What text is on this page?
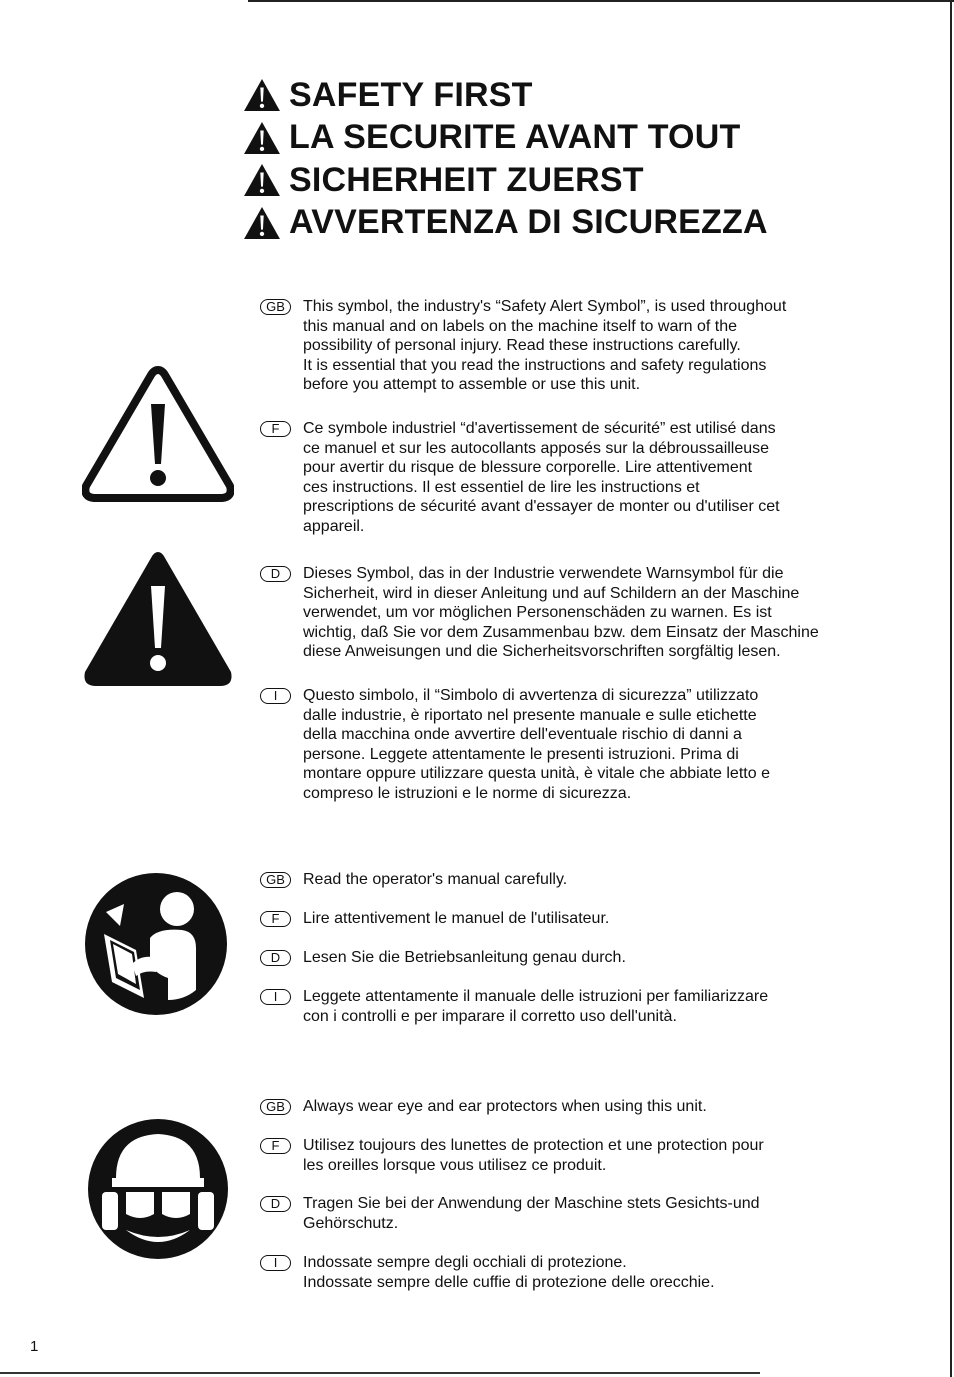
SAFETY FIRST
LA SECURITE AVANT TOUT
SICHERHEIT ZUERST
AVVERTENZA DI SICUREZZA
GB	This symbol, the industry's “Safety Alert Symbol”, is used throughout
this manual and on labels on the machine itself to warn of the
possibility of personal injury. Read these instructions carefully.
It is essential that you read the instructions and safety regulations
before you attempt to assemble or use this unit.
F	Ce symbole industriel “d'avertissement de sécurité” est utilisé dans
ce manuel et sur les autocollants apposés sur la débroussailleuse
pour avertir du risque de blessure corporelle. Lire attentivement
ces instructions. Il est essentiel de lire les instructions et
prescriptions de sécurité avant d'essayer de monter ou d'utiliser cet
appareil.
D	Dieses Symbol, das in der Industrie verwendete Warnsymbol für die
Sicherheit, wird in dieser Anleitung und auf Schildern an der Maschine
verwendet, um vor möglichen Personenschäden zu warnen. Es ist
wichtig, daß Sie vor dem Zusammenbau bzw. dem Einsatz der Maschine
diese Anweisungen und die Sicherheitsvorschriften sorgfältig lesen.
I	Questo simbolo, il “Simbolo di avvertenza di sicurezza” utilizzato
dalle industrie, è riportato nel presente manuale e sulle etichette
della macchina onde avvertire dell'eventuale rischio di danni a
persone. Leggete attentamente le presenti istruzioni. Prima di
montare oppure utilizzare questa unità, è vitale che abbiate letto e
compreso le istruzioni e le norme di sicurezza.
GB	Read the operator's manual carefully.
F	Lire attentivement le manuel de l'utilisateur.
D	Lesen Sie die Betriebsanleitung genau durch.
I	Leggete attentamente il manuale delle istruzioni per familiarizzare
con i controlli e per imparare il corretto uso dell'unità.
GB	Always wear eye and ear protectors when using this unit.
F	Utilisez toujours des lunettes de protection et une protection pour
les oreilles lorsque vous utilisez ce produit.
D	Tragen Sie bei der Anwendung der Maschine stets Gesichts-und
Gehörschutz.
I	Indossate sempre degli occhiali di protezione.
Indossate sempre delle cuffie di protezione delle orecchie.
1
